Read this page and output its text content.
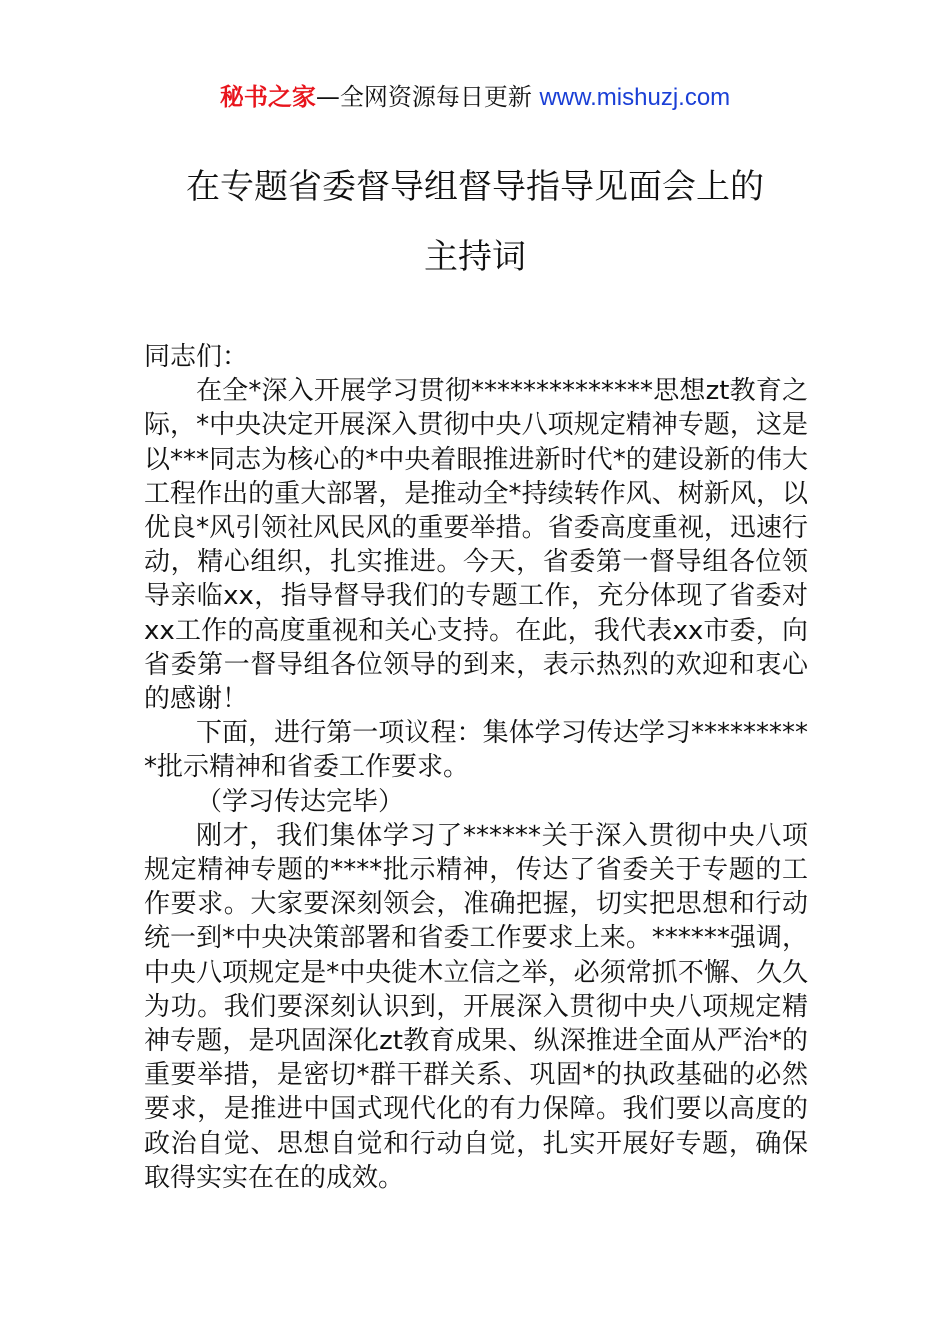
秘书之家—全网资源每日更新 www.mishuzj.com
在专题省委督导组督导指导见面会上的
主持词

同志们：

在全*深入开展学习贯彻**************思想zt教育之际，*中央决定开展深入贯彻中央八项规定精神专题，这是以***同志为核心的*中央着眼推进新时代*的建设新的伟大工程作出的重大部署，是推动全*持续转作风、树新风，以优良*风引领社风民风的重要举措。省委高度重视，迅速行动，精心组织，扎实推进。今天，省委第一督导组各位领导亲临xx，指导督导我们的专题工作，充分体现了省委对xx工作的高度重视和关心支持。在此，我代表xx市委，向省委第一督导组各位领导的到来，表示热烈的欢迎和衷心的感谢！

下面，进行第一项议程：集体学习传达学习**********批示精神和省委工作要求。

（学习传达完毕）

刚才，我们集体学习了******关于深入贯彻中央八项规定精神专题的****批示精神，传达了省委关于专题的工作要求。大家要深刻领会，准确把握，切实把思想和行动统一到*中央决策部署和省委工作要求上来。******强调，中央八项规定是*中央徙木立信之举，必须常抓不懈、久久为功。我们要深刻认识到，开展深入贯彻中央八项规定精神专题，是巩固深化zt教育成果、纵深推进全面从严治*的重要举措，是密切*群干群关系、巩固*的执政基础的必然要求，是推进中国式现代化的有力保障。我们要以高度的政治自觉、思想自觉和行动自觉，扎实开展好专题，确保取得实实在在的成效。
